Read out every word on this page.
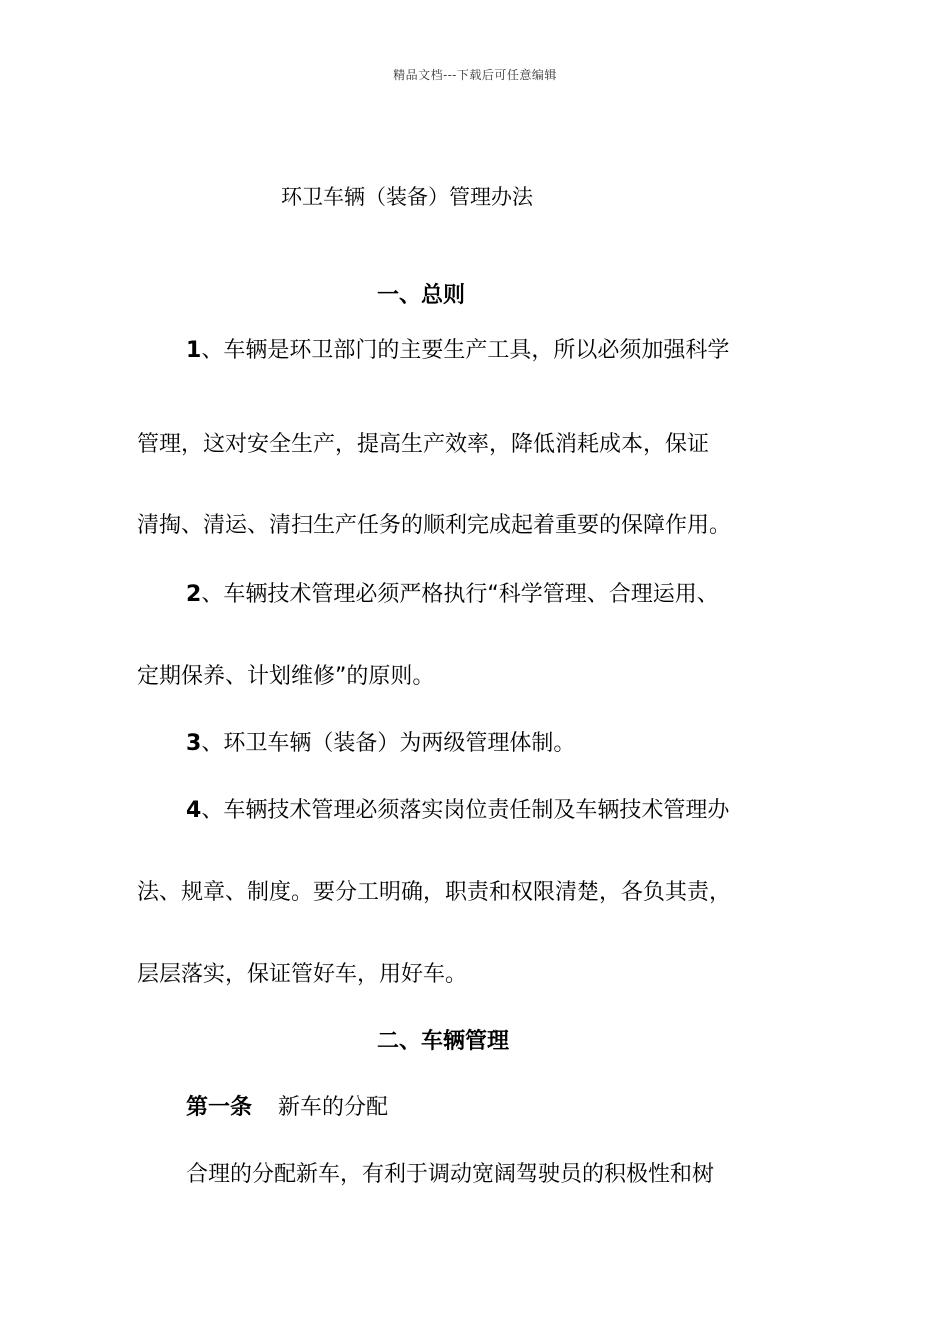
精品文档---下载后可任意编辑
环卫车辆（装备）管理办法
一、总则
1、车辆是环卫部门的主要生产工具，所以必须加强科学
管理，这对安全生产，提高生产效率，降低消耗成本，保证
清掏、清运、清扫生产任务的顺利完成起着重要的保障作用。
2、车辆技术管理必须严格执行“科学管理、合理运用、
定期保养、计划维修”的原则。
3、环卫车辆（装备）为两级管理体制。
4、车辆技术管理必须落实岗位责任制及车辆技术管理办
法、规章、制度。要分工明确，职责和权限清楚，各负其责，
层层落实，保证管好车，用好车。
二、车辆管理
第一条 新车的分配
合理的分配新车，有利于调动宽阔驾驶员的积极性和树
